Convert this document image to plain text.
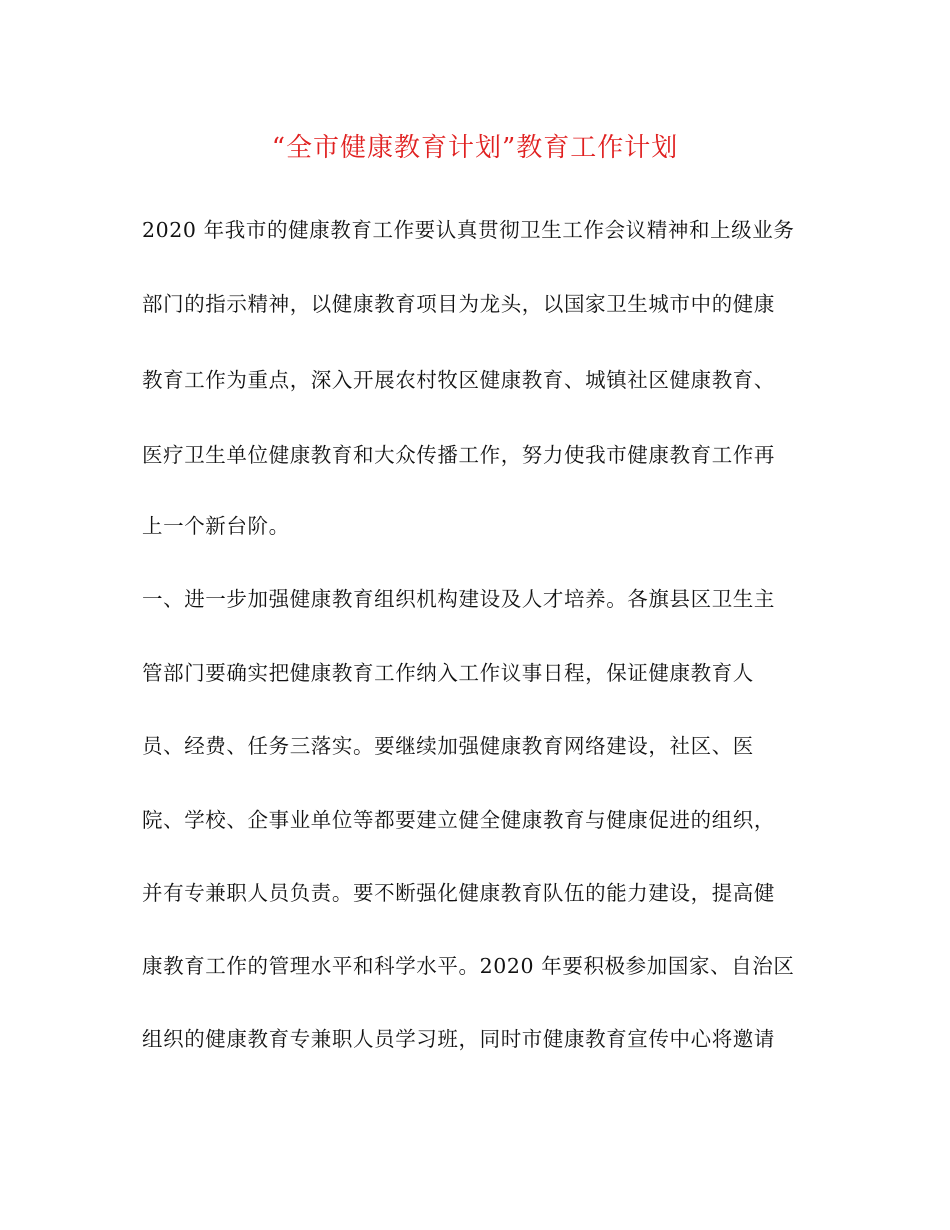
“全市健康教育计划”教育工作计划
2020 年我市的健康教育工作要认真贯彻卫生工作会议精神和上级业务
部门的指示精神，以健康教育项目为龙头，以国家卫生城市中的健康
教育工作为重点，深入开展农村牧区健康教育、城镇社区健康教育、
医疗卫生单位健康教育和大众传播工作，努力使我市健康教育工作再
上一个新台阶。
一、进一步加强健康教育组织机构建设及人才培养。各旗县区卫生主
管部门要确实把健康教育工作纳入工作议事日程，保证健康教育人
员、经费、任务三落实。要继续加强健康教育网络建设，社区、医
院、学校、企事业单位等都要建立健全健康教育与健康促进的组织，
并有专兼职人员负责。要不断强化健康教育队伍的能力建设，提高健
康教育工作的管理水平和科学水平。2020 年要积极参加国家、自治区
组织的健康教育专兼职人员学习班，同时市健康教育宣传中心将邀请
